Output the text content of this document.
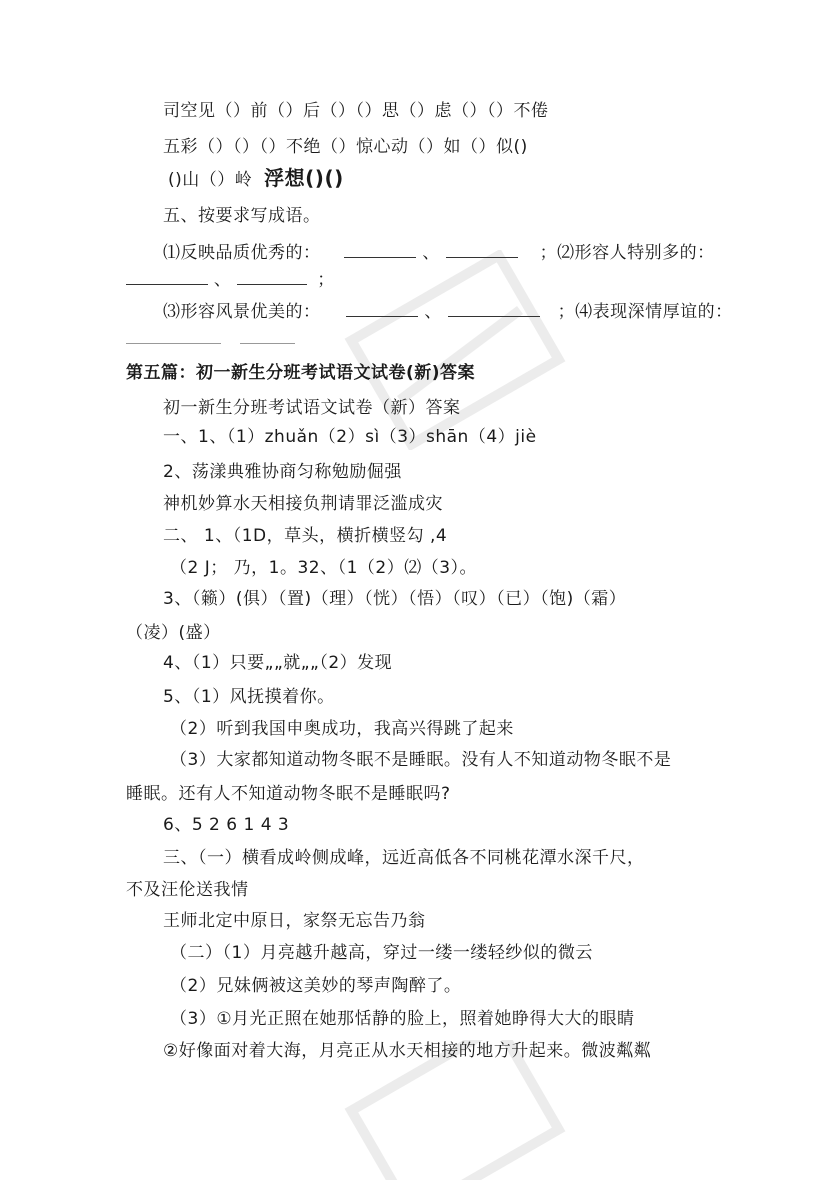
司空见（）前（）后（）（）思（）虑（）（）不倦
五彩（）（）（）不绝（）惊心动（）如（）似()
()山（）岭 浮想()()
五、按要求写成语。
⑴反映品质优秀的：	、	；⑵形容人特别多的：
、	；
⑶形容风景优美的：	、	；⑷表现深情厚谊的：
第五篇：初一新生分班考试语文试卷(新)答案
初一新生分班考试语文试卷（新）答案
一、1、（1）zhuǎn（2）sì（3）shān（4）jiè
2、荡漾典雅协商匀称勉励倔强
神机妙算水天相接负荆请罪泛滥成灾
二、 1、（1D，草头，横折横竖勾 ,4
（2 J； 乃，1。32、（1（2）⑵（3）。
3、（籁）(俱）（置)（理）（恍）（悟）（叹）（已）（饱)（霜）
（凌）(盛）
4、（1）只要„„就„„（2）发现
5、（1）风抚摸着你。
（2）听到我国申奥成功，我高兴得跳了起来
（3）大家都知道动物冬眠不是睡眠。没有人不知道动物冬眠不是
睡眠。还有人不知道动物冬眠不是睡眠吗?
6、5 2 6 1 4 3
三、（一）横看成岭侧成峰，远近高低各不同桃花潭水深千尺，
不及汪伦送我情
王师北定中原日，家祭无忘告乃翁
（二）（1）月亮越升越高，穿过一缕一缕轻纱似的微云
（2）兄妹俩被这美妙的琴声陶醉了。
（3）①月光正照在她那恬静的脸上，照着她睁得大大的眼睛
②好像面对着大海，月亮正从水天相接的地方升起来。微波粼粼
